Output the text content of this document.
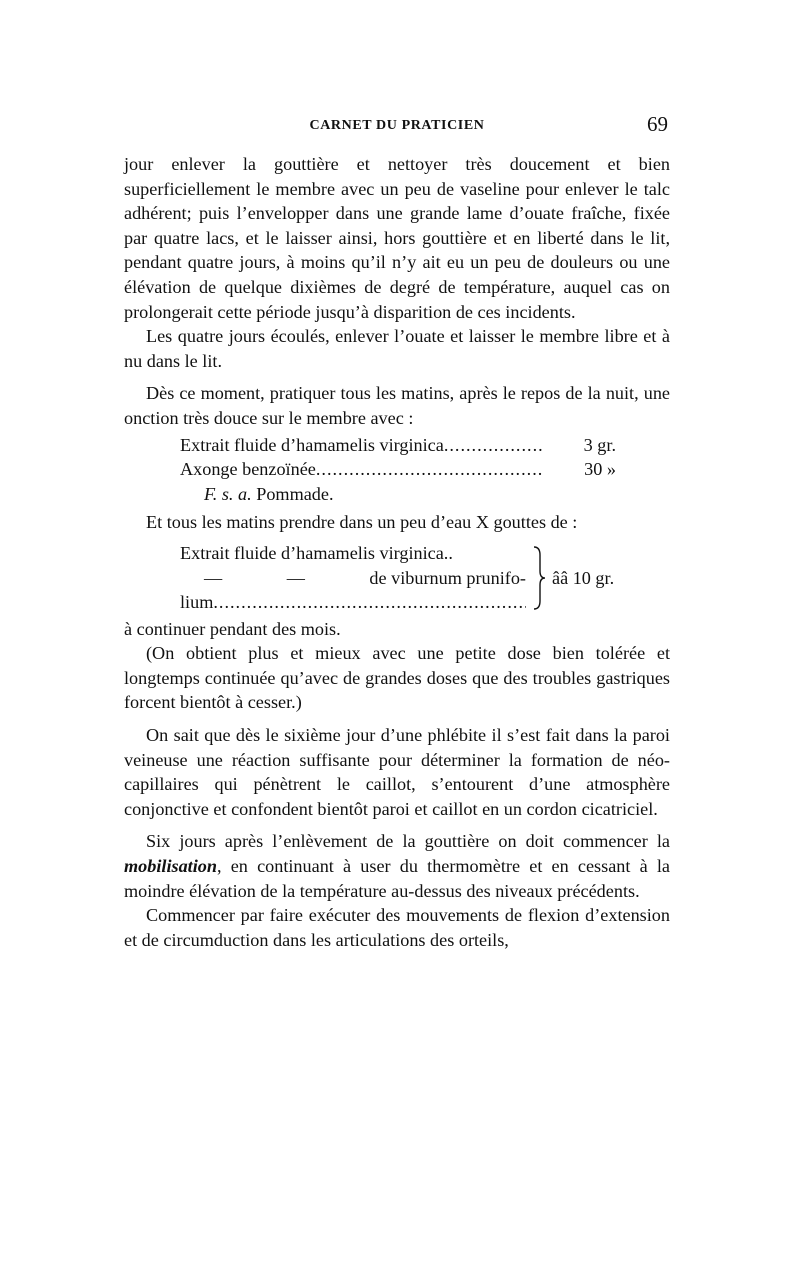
CARNET DU PRATICIEN	69

jour enlever la gouttière et nettoyer très doucement et bien superficiellement le membre avec un peu de vaseline pour enlever le talc adhérent; puis l’envelopper dans une grande lame d’ouate fraîche, fixée par quatre lacs, et le laisser ainsi, hors gouttière et en liberté dans le lit, pendant quatre jours, à moins qu’il n’y ait eu un peu de douleurs ou une élévation de quelque dixièmes de degré de température, auquel cas on prolongerait cette période jusqu’à disparition de ces incidents.

Les quatre jours écoulés, enlever l’ouate et laisser le membre libre et à nu dans le lit.

Dès ce moment, pratiquer tous les matins, après le repos de la nuit, une onction très douce sur le membre avec :

Extrait fluide d’hamamelis virginica .....	3 gr.
Axonge benzoïnée .....	30 »
F. s. a. Pommade.

Et tous les matins prendre dans un peu d’eau X gouttes de :

Extrait fluide d’hamamelis virginica..
—	—	de viburnum prunifo-
lium
.....
ââ 10 gr.

à continuer pendant des mois.

(On obtient plus et mieux avec une petite dose bien tolérée et longtemps continuée qu’avec de grandes doses que des troubles gastriques forcent bientôt à cesser.)

On sait que dès le sixième jour d’une phlébite il s’est fait dans la paroi veineuse une réaction suffisante pour déterminer la formation de néo-capillaires qui pénètrent le caillot, s’entourent d’une atmosphère conjonctive et confondent bientôt paroi et caillot en un cordon cicatriciel.

Six jours après l’enlèvement de la gouttière on doit commencer la mobilisation, en continuant à user du thermomètre et en cessant à la moindre élévation de la température au-dessus des niveaux précédents.

Commencer par faire exécuter des mouvements de flexion d’extension et de circumduction dans les articulations des orteils,
